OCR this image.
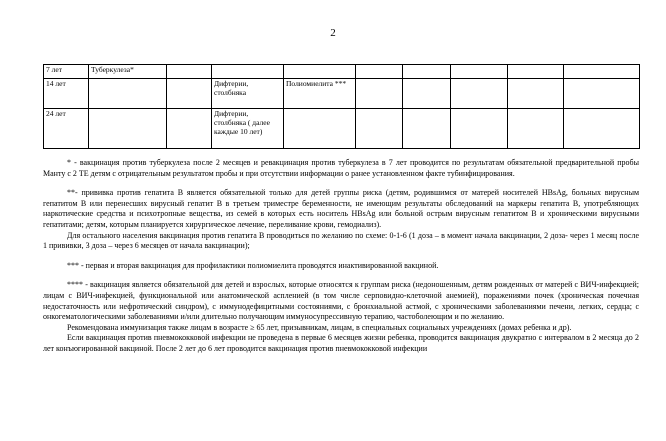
2
7 лет	Туберкулеза*								
14 лет			Дифтерии, столбняка	Полиомиелита ***					
24 лет			Дифтерии, столбняка ( далее каждые 10 лет)						

* - вакцинация против туберкулеза после 2 месяцев и ревакцинация против туберкулеза в 7 лет проводится по результатам обязательной предварительной пробы Манту с 2 ТЕ детям с отрицательным результатом пробы и при отсутствии информации о ранее установленном факте тубинфицирования.

**- прививка против гепатита В является обязательной только для детей группы риска (детям, родившимся от матерей носителей HBsAg, больных вирусным гепатитом В или перенесших вирусный гепатит В в третьем триместре беременности, не имеющим результаты обследований на маркеры гепатита В, употребляющих наркотические средства и психотропные вещества, из семей в которых есть носитель HBsAg или больной острым вирусным гепатитом В и хроническими вирусными гепатитами; детям, которым планируется хирургическое лечение, переливание крови, гемодиализ).

Для остального населения вакцинация против гепатита В проводиться по желанию по схеме: 0-1-6 (1 доза – в момент начала вакцинации, 2 доза- через 1 месяц после 1 прививки, 3 доза – через 6 месяцев от начала вакцинации);

*** - первая и вторая вакцинация для профилактики полиомиелита проводятся инактивированной вакциной.

**** - вакцинация является обязательной для детей и взрослых, которые относятся к группам риска (недоношенным, детям рожденных от матерей с ВИЧ-инфекцией; лицам с ВИЧ-инфекцией, функциональной или анатомической аспленией (в том числе серповидно-клеточной анемией), поражениями почек (хроническая почечная недостаточность или нефротический синдром), с иммунодефицитными состояниями, с бронхиальной астмой, с хроническими заболеваниями печени, легких, сердца; с онкогематологическими заболеваниями и/или длительно получающим иммуносупрессивную терапию, частоболеющим и по желанию.

Рекомендована иммунизация также лицам в возрасте ≥ 65 лет, призывникам, лицам, в специальных социальных учреждениях (домах ребенка и др).

Если вакцинация против пневмококковой инфекции не проведена в первые 6 месяцев жизни ребенка, проводится вакцинация двукратно с интервалом в 2 месяца до 2 лет конъюгированной вакциной. После 2 лет до 6 лет проводится вакцинация против пневмококковой инфекции
